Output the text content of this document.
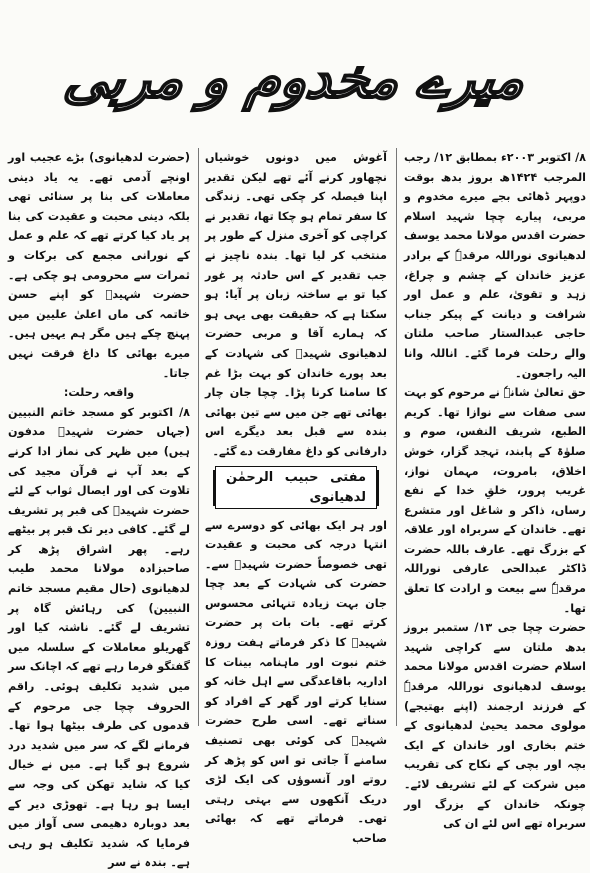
میرے مخدوم و مربی

۸/ اکتوبر ۲۰۰۳ء بمطابق ۱۲/ رجب المرجب ۱۴۲۴ھ بروز بدھ بوقت دوپہر ڈھائی بجے میرے مخدوم و مربی، پیارے چچا شہید اسلام حضرت اقدس مولانا محمد یوسف لدھیانوی نوراللہ مرقدہٗ کے برادر عزیز خاندان کے چشم و چراغ، زہد و تقویٰ، علم و عمل اور شرافت و دیانت کے پیکر جناب حاجی عبدالستار صاحب ملتان والے رحلت فرما گئے۔ اناللہ وانا الیہ راجعون۔

حق تعالیٰ شانہٗ نے مرحوم کو بہت سی صفات سے نوازا تھا۔ کریم الطبع، شریف النفس، صوم و صلوٰۃ کے پابند، تہجد گزار، خوش اخلاق، بامروت، مہمان نواز، غریب پرور، خلقِ خدا کے نفع رساں، ذاکر و شاغل اور متشرع تھے۔ خاندان کے سربراہ اور علاقہ کے بزرگ تھے۔ عارف باللہ حضرت ڈاکٹر عبدالحی عارفی نوراللہ مرقدہٗ سے بیعت و ارادت کا تعلق تھا۔

حضرت چچا جی ۱۳/ ستمبر بروز بدھ ملتان سے کراچی شہید اسلام حضرت اقدس مولانا محمد یوسف لدھیانوی نوراللہ مرقدہٗ کے فرزند ارجمند (اپنے بھتیجے) مولوی محمد یحییٰ لدھیانوی کے ختم بخاری اور خاندان کے ایک بچہ اور بچی کے نکاح کی تقریب میں شرکت کے لئے تشریف لائے۔ چونکہ خاندان کے بزرگ اور سربراہ تھے اس لئے ان کی

آغوش میں دونوں خوشیاں نچھاور کرنے آئے تھے لیکن تقدیر اپنا فیصلہ کر چکی تھی۔ زندگی کا سفر تمام ہو چکا تھا، تقدیر نے کراچی کو آخری منزل کے طور پر منتخب کر لیا تھا۔ بندہ ناچیز نے جب تقدیر کے اس حادثہ پر غور کیا تو بے ساختہ زبان پر آیا: ہو سکتا ہے کہ حقیقت بھی یہی ہو کہ ہمارے آقا و مربی حضرت لدھیانوی شہیدؒ کی شہادت کے بعد پورے خاندان کو بہت بڑا غم کا سامنا کرنا پڑا۔ چچا جان چار بھائی تھے جن میں سے تین بھائی بندہ سے قبل بعد دیگرے اس دارفانی کو داغ مفارقت دے گئے۔

مفتی حبیب الرحمٰن لدھیانوی

اور ہر ایک بھائی کو دوسرے سے انتہا درجہ کی محبت و عقیدت تھی خصوصاً حضرت شہیدؒ سے۔ حضرت کی شہادت کے بعد چچا جان بہت زیادہ تنہائی محسوس کرتے تھے۔ بات بات پر حضرت شہیدؒ کا ذکر فرماتے ہفت روزہ ختم نبوت اور ماہنامہ بینات کا اداریہ باقاعدگی سے اہل خانہ کو سنایا کرتے اور گھر کے افراد کو سناتے تھے۔ اسی طرح حضرت شہیدؒ کی کوئی بھی تصنیف سامنے آ جاتی تو اس کو پڑھ کر روتے اور آنسوؤں کی ایک لڑی دریک آنکھوں سے بہتی رہتی تھی۔ فرماتے تھے کہ بھائی صاحب

(حضرت لدھیانوی) بڑے عجیب اور اونچے آدمی تھے۔ یہ یاد دینی معاملات کی بنا پر سنائی تھی بلکہ دینی محبت و عقیدت کی بنا پر یاد کیا کرتے تھے کہ علم و عمل کے نورانی مجمع کی برکات و ثمرات سے محرومی ہو چکی ہے۔ حضرت شہیدؒ کو اپنے حسن خاتمہ کی ماں اعلیٰ علیین میں پہنچ چکے ہیں مگر ہم یہیں ہیں۔ میرے بھائی کا داغ فرقت نہیں جاتا۔

واقعہ رحلت:

۸/ اکتوبر کو مسجد خاتم النبیین (جہاں حضرت شہیدؒ مدفون ہیں) میں ظہر کی نماز ادا کرنے کے بعد آپ نے قرآن مجید کی تلاوت کی اور ایصال ثواب کے لئے حضرت شہیدؒ کی قبر پر تشریف لے گئے۔ کافی دیر تک قبر پر بیٹھے رہے۔ پھر اشراق پڑھ کر صاحبزادہ مولانا محمد طیب لدھیانوی (حال مقیم مسجد خاتم النبیین) کی رہائش گاہ پر تشریف لے گئے۔ ناشتہ کیا اور گھریلو معاملات کے سلسلہ میں گفتگو فرما رہے تھے کہ اچانک سر میں شدید تکلیف ہوئی۔ راقم الحروف چچا جی مرحوم کے قدموں کی طرف بیٹھا ہوا تھا۔ فرمانے لگے کہ سر میں شدید درد شروع ہو گیا ہے۔ میں نے خیال کیا کہ شاید تھکن کی وجہ سے ایسا ہو رہا ہے۔ تھوڑی دیر کے بعد دوبارہ دھیمی سی آواز میں فرمایا کہ شدید تکلیف ہو رہی ہے۔ بندہ نے سر
